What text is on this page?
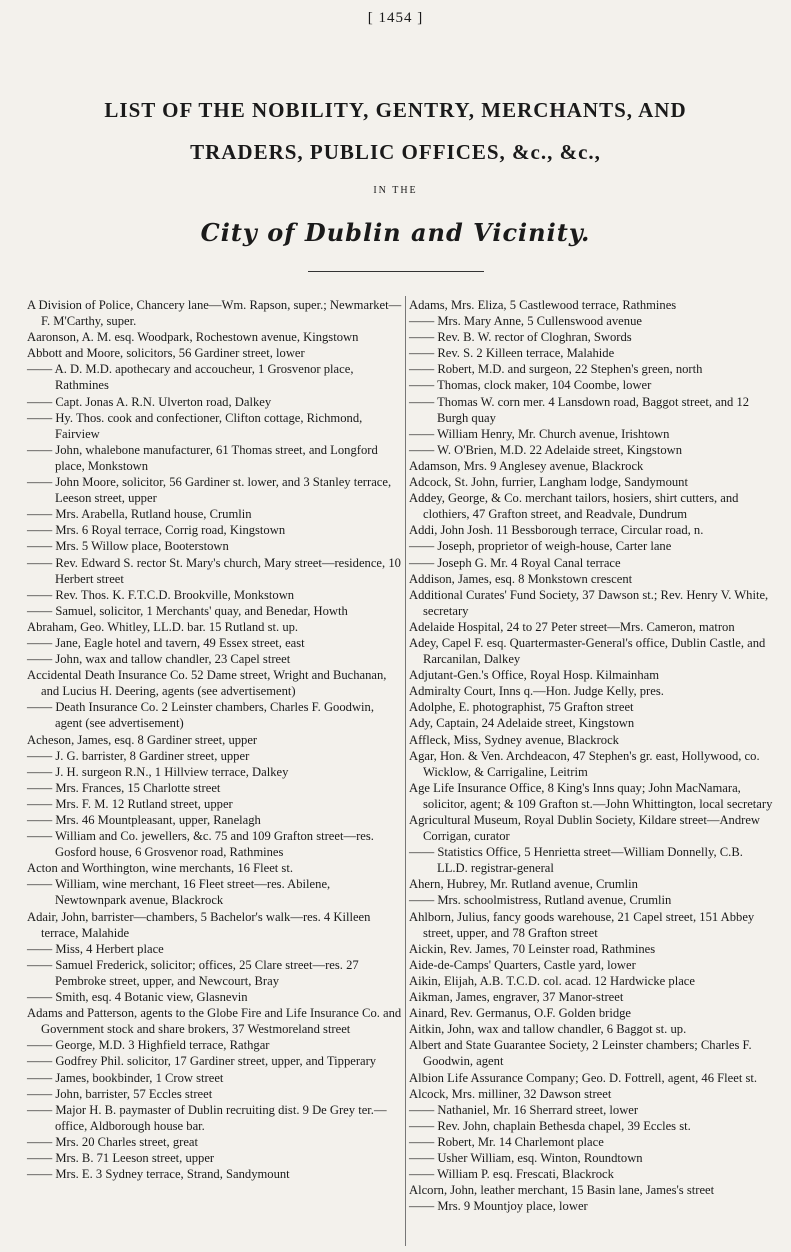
[ 1454 ]
LIST OF THE NOBILITY, GENTRY, MERCHANTS, AND
TRADERS, PUBLIC OFFICES, &c., &c.,
IN THE
City of Dublin and Vicinity.

A Division of Police, Chancery lane—Wm. Rapson, super.; Newmarket—F. M'Carthy, super.

Aaronson, A. M. esq. Woodpark, Rochestown avenue, Kingstown

Abbott and Moore, solicitors, 56 Gardiner street, lower

—— A. D. M.D. apothecary and accoucheur, 1 Grosvenor place, Rathmines

—— Capt. Jonas A. R.N. Ulverton road, Dalkey

—— Hy. Thos. cook and confectioner, Clifton cottage, Richmond, Fairview

—— John, whalebone manufacturer, 61 Thomas street, and Longford place, Monkstown

—— John Moore, solicitor, 56 Gardiner st. lower, and 3 Stanley terrace, Leeson street, upper

—— Mrs. Arabella, Rutland house, Crumlin

—— Mrs. 6 Royal terrace, Corrig road, Kingstown

—— Mrs. 5 Willow place, Booterstown

—— Rev. Edward S. rector St. Mary's church, Mary street—residence, 10 Herbert street

—— Rev. Thos. K. F.T.C.D. Brookville, Monkstown

—— Samuel, solicitor, 1 Merchants' quay, and Benedar, Howth

Abraham, Geo. Whitley, LL.D. bar. 15 Rutland st. up.

—— Jane, Eagle hotel and tavern, 49 Essex street, east

—— John, wax and tallow chandler, 23 Capel street

Accidental Death Insurance Co. 52 Dame street, Wright and Buchanan, and Lucius H. Deering, agents (see advertisement)

—— Death Insurance Co. 2 Leinster chambers, Charles F. Goodwin, agent (see advertisement)

Acheson, James, esq. 8 Gardiner street, upper

—— J. G. barrister, 8 Gardiner street, upper

—— J. H. surgeon R.N., 1 Hillview terrace, Dalkey

—— Mrs. Frances, 15 Charlotte street

—— Mrs. F. M. 12 Rutland street, upper

—— Mrs. 46 Mountpleasant, upper, Ranelagh

—— William and Co. jewellers, &c. 75 and 109 Grafton street—res. Gosford house, 6 Grosvenor road, Rathmines

Acton and Worthington, wine merchants, 16 Fleet st.

—— William, wine merchant, 16 Fleet street—res. Abilene, Newtownpark avenue, Blackrock

Adair, John, barrister—chambers, 5 Bachelor's walk—res. 4 Killeen terrace, Malahide

—— Miss, 4 Herbert place

—— Samuel Frederick, solicitor; offices, 25 Clare street—res. 27 Pembroke street, upper, and Newcourt, Bray

—— Smith, esq. 4 Botanic view, Glasnevin

Adams and Patterson, agents to the Globe Fire and Life Insurance Co. and Government stock and share brokers, 37 Westmoreland street

—— George, M.D. 3 Highfield terrace, Rathgar

—— Godfrey Phil. solicitor, 17 Gardiner street, upper, and Tipperary

—— James, bookbinder, 1 Crow street

—— John, barrister, 57 Eccles street

—— Major H. B. paymaster of Dublin recruiting dist. 9 De Grey ter.—office, Aldborough house bar.

—— Mrs. 20 Charles street, great

—— Mrs. B. 71 Leeson street, upper

—— Mrs. E. 3 Sydney terrace, Strand, Sandymount

Adams, Mrs. Eliza, 5 Castlewood terrace, Rathmines

—— Mrs. Mary Anne, 5 Cullenswood avenue

—— Rev. B. W. rector of Cloghran, Swords

—— Rev. S. 2 Killeen terrace, Malahide

—— Robert, M.D. and surgeon, 22 Stephen's green, north

—— Thomas, clock maker, 104 Coombe, lower

—— Thomas W. corn mer. 4 Lansdown road, Baggot street, and 12 Burgh quay

—— William Henry, Mr. Church avenue, Irishtown

—— W. O'Brien, M.D. 22 Adelaide street, Kingstown

Adamson, Mrs. 9 Anglesey avenue, Blackrock

Adcock, St. John, furrier, Langham lodge, Sandymount

Addey, George, & Co. merchant tailors, hosiers, shirt cutters, and clothiers, 47 Grafton street, and Readvale, Dundrum

Addi, John Josh. 11 Bessborough terrace, Circular road, n.

—— Joseph, proprietor of weigh-house, Carter lane

—— Joseph G. Mr. 4 Royal Canal terrace

Addison, James, esq. 8 Monkstown crescent

Additional Curates' Fund Society, 37 Dawson st.; Rev. Henry V. White, secretary

Adelaide Hospital, 24 to 27 Peter street—Mrs. Cameron, matron

Adey, Capel F. esq. Quartermaster-General's office, Dublin Castle, and Rarcanilan, Dalkey

Adjutant-Gen.'s Office, Royal Hosp. Kilmainham

Admiralty Court, Inns q.—Hon. Judge Kelly, pres.

Adolphe, E. photographist, 75 Grafton street

Ady, Captain, 24 Adelaide street, Kingstown

Affleck, Miss, Sydney avenue, Blackrock

Agar, Hon. & Ven. Archdeacon, 47 Stephen's gr. east, Hollywood, co. Wicklow, & Carrigaline, Leitrim

Age Life Insurance Office, 8 King's Inns quay; John MacNamara, solicitor, agent; & 109 Grafton st.—John Whittington, local secretary

Agricultural Museum, Royal Dublin Society, Kildare street—Andrew Corrigan, curator

—— Statistics Office, 5 Henrietta street—William Donnelly, C.B. LL.D. registrar-general

Ahern, Hubrey, Mr. Rutland avenue, Crumlin

—— Mrs. schoolmistress, Rutland avenue, Crumlin

Ahlborn, Julius, fancy goods warehouse, 21 Capel street, 151 Abbey street, upper, and 78 Grafton street

Aickin, Rev. James, 70 Leinster road, Rathmines

Aide-de-Camps' Quarters, Castle yard, lower

Aikin, Elijah, A.B. T.C.D. col. acad. 12 Hardwicke place

Aikman, James, engraver, 37 Manor-street

Ainard, Rev. Germanus, O.F. Golden bridge

Aitkin, John, wax and tallow chandler, 6 Baggot st. up.

Albert and State Guarantee Society, 2 Leinster chambers; Charles F. Goodwin, agent

Albion Life Assurance Company; Geo. D. Fottrell, agent, 46 Fleet st.

Alcock, Mrs. milliner, 32 Dawson street

—— Nathaniel, Mr. 16 Sherrard street, lower

—— Rev. John, chaplain Bethesda chapel, 39 Eccles st.

—— Robert, Mr. 14 Charlemont place

—— Usher William, esq. Winton, Roundtown

—— William P. esq. Frescati, Blackrock

Alcorn, John, leather merchant, 15 Basin lane, James's street

—— Mrs. 9 Mountjoy place, lower
